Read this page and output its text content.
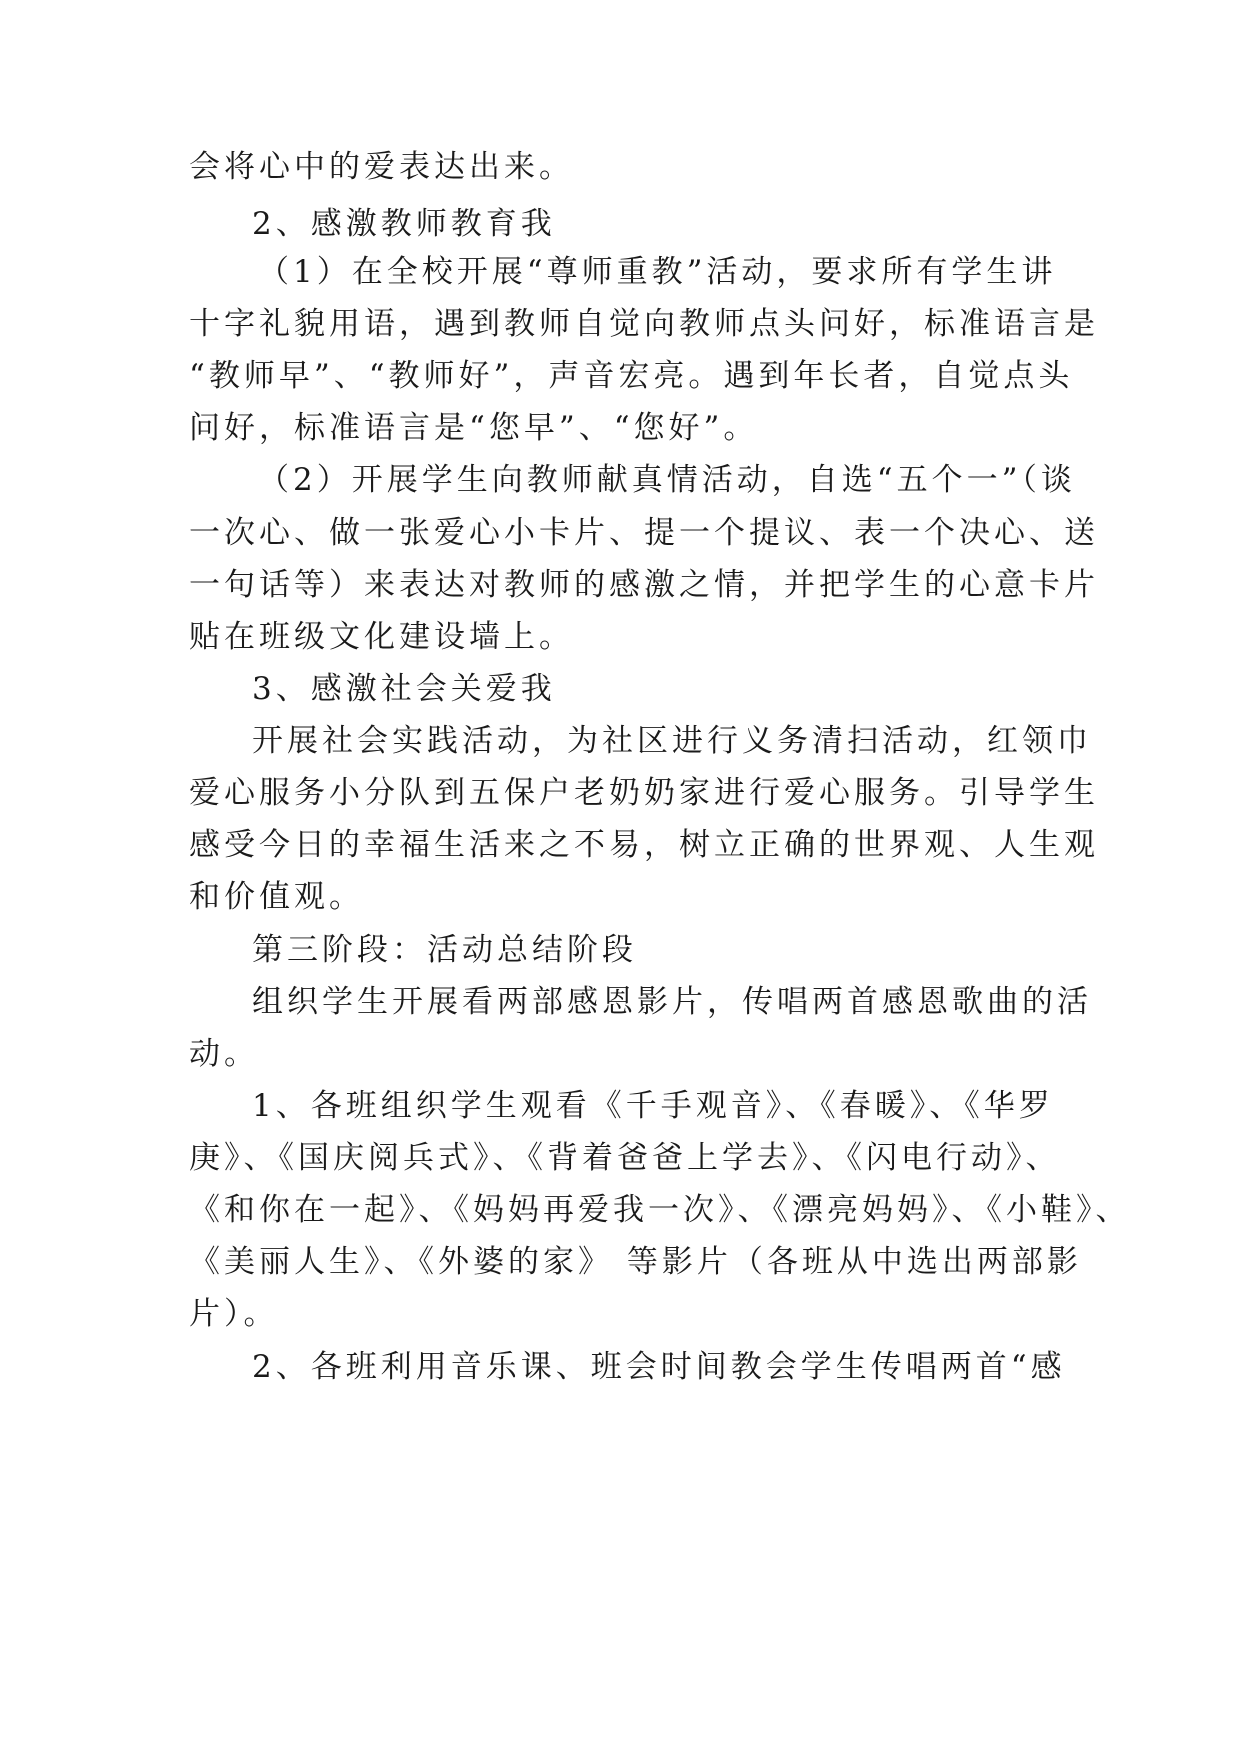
会将心中的爱表达出来。
2、感激教师教育我
（1）在全校开展“尊师重教”活动，要求所有学生讲
十字礼貌用语，遇到教师自觉向教师点头问好，标准语言是
“教师早”、“教师好”，声音宏亮。遇到年长者，自觉点头
问好，标准语言是“您早”、“您好”。
（2）开展学生向教师献真情活动，自选“五个一”（谈
一次心、做一张爱心小卡片、提一个提议、表一个决心、送
一句话等）来表达对教师的感激之情，并把学生的心意卡片
贴在班级文化建设墙上。
3、感激社会关爱我
开展社会实践活动，为社区进行义务清扫活动，红领巾
爱心服务小分队到五保户老奶奶家进行爱心服务。引导学生
感受今日的幸福生活来之不易，树立正确的世界观、人生观
和价值观。
第三阶段：活动总结阶段
组织学生开展看两部感恩影片，传唱两首感恩歌曲的活
动。
1、各班组织学生观看《千手观音》、《春暖》、《华罗
庚》、《国庆阅兵式》、《背着爸爸上学去》、《闪电行动》、
《和你在一起》、《妈妈再爱我一次》、《漂亮妈妈》、《小鞋》、
《美丽人生》、《外婆的家》 等影片（各班从中选出两部影
片）。
2、各班利用音乐课、班会时间教会学生传唱两首“感
